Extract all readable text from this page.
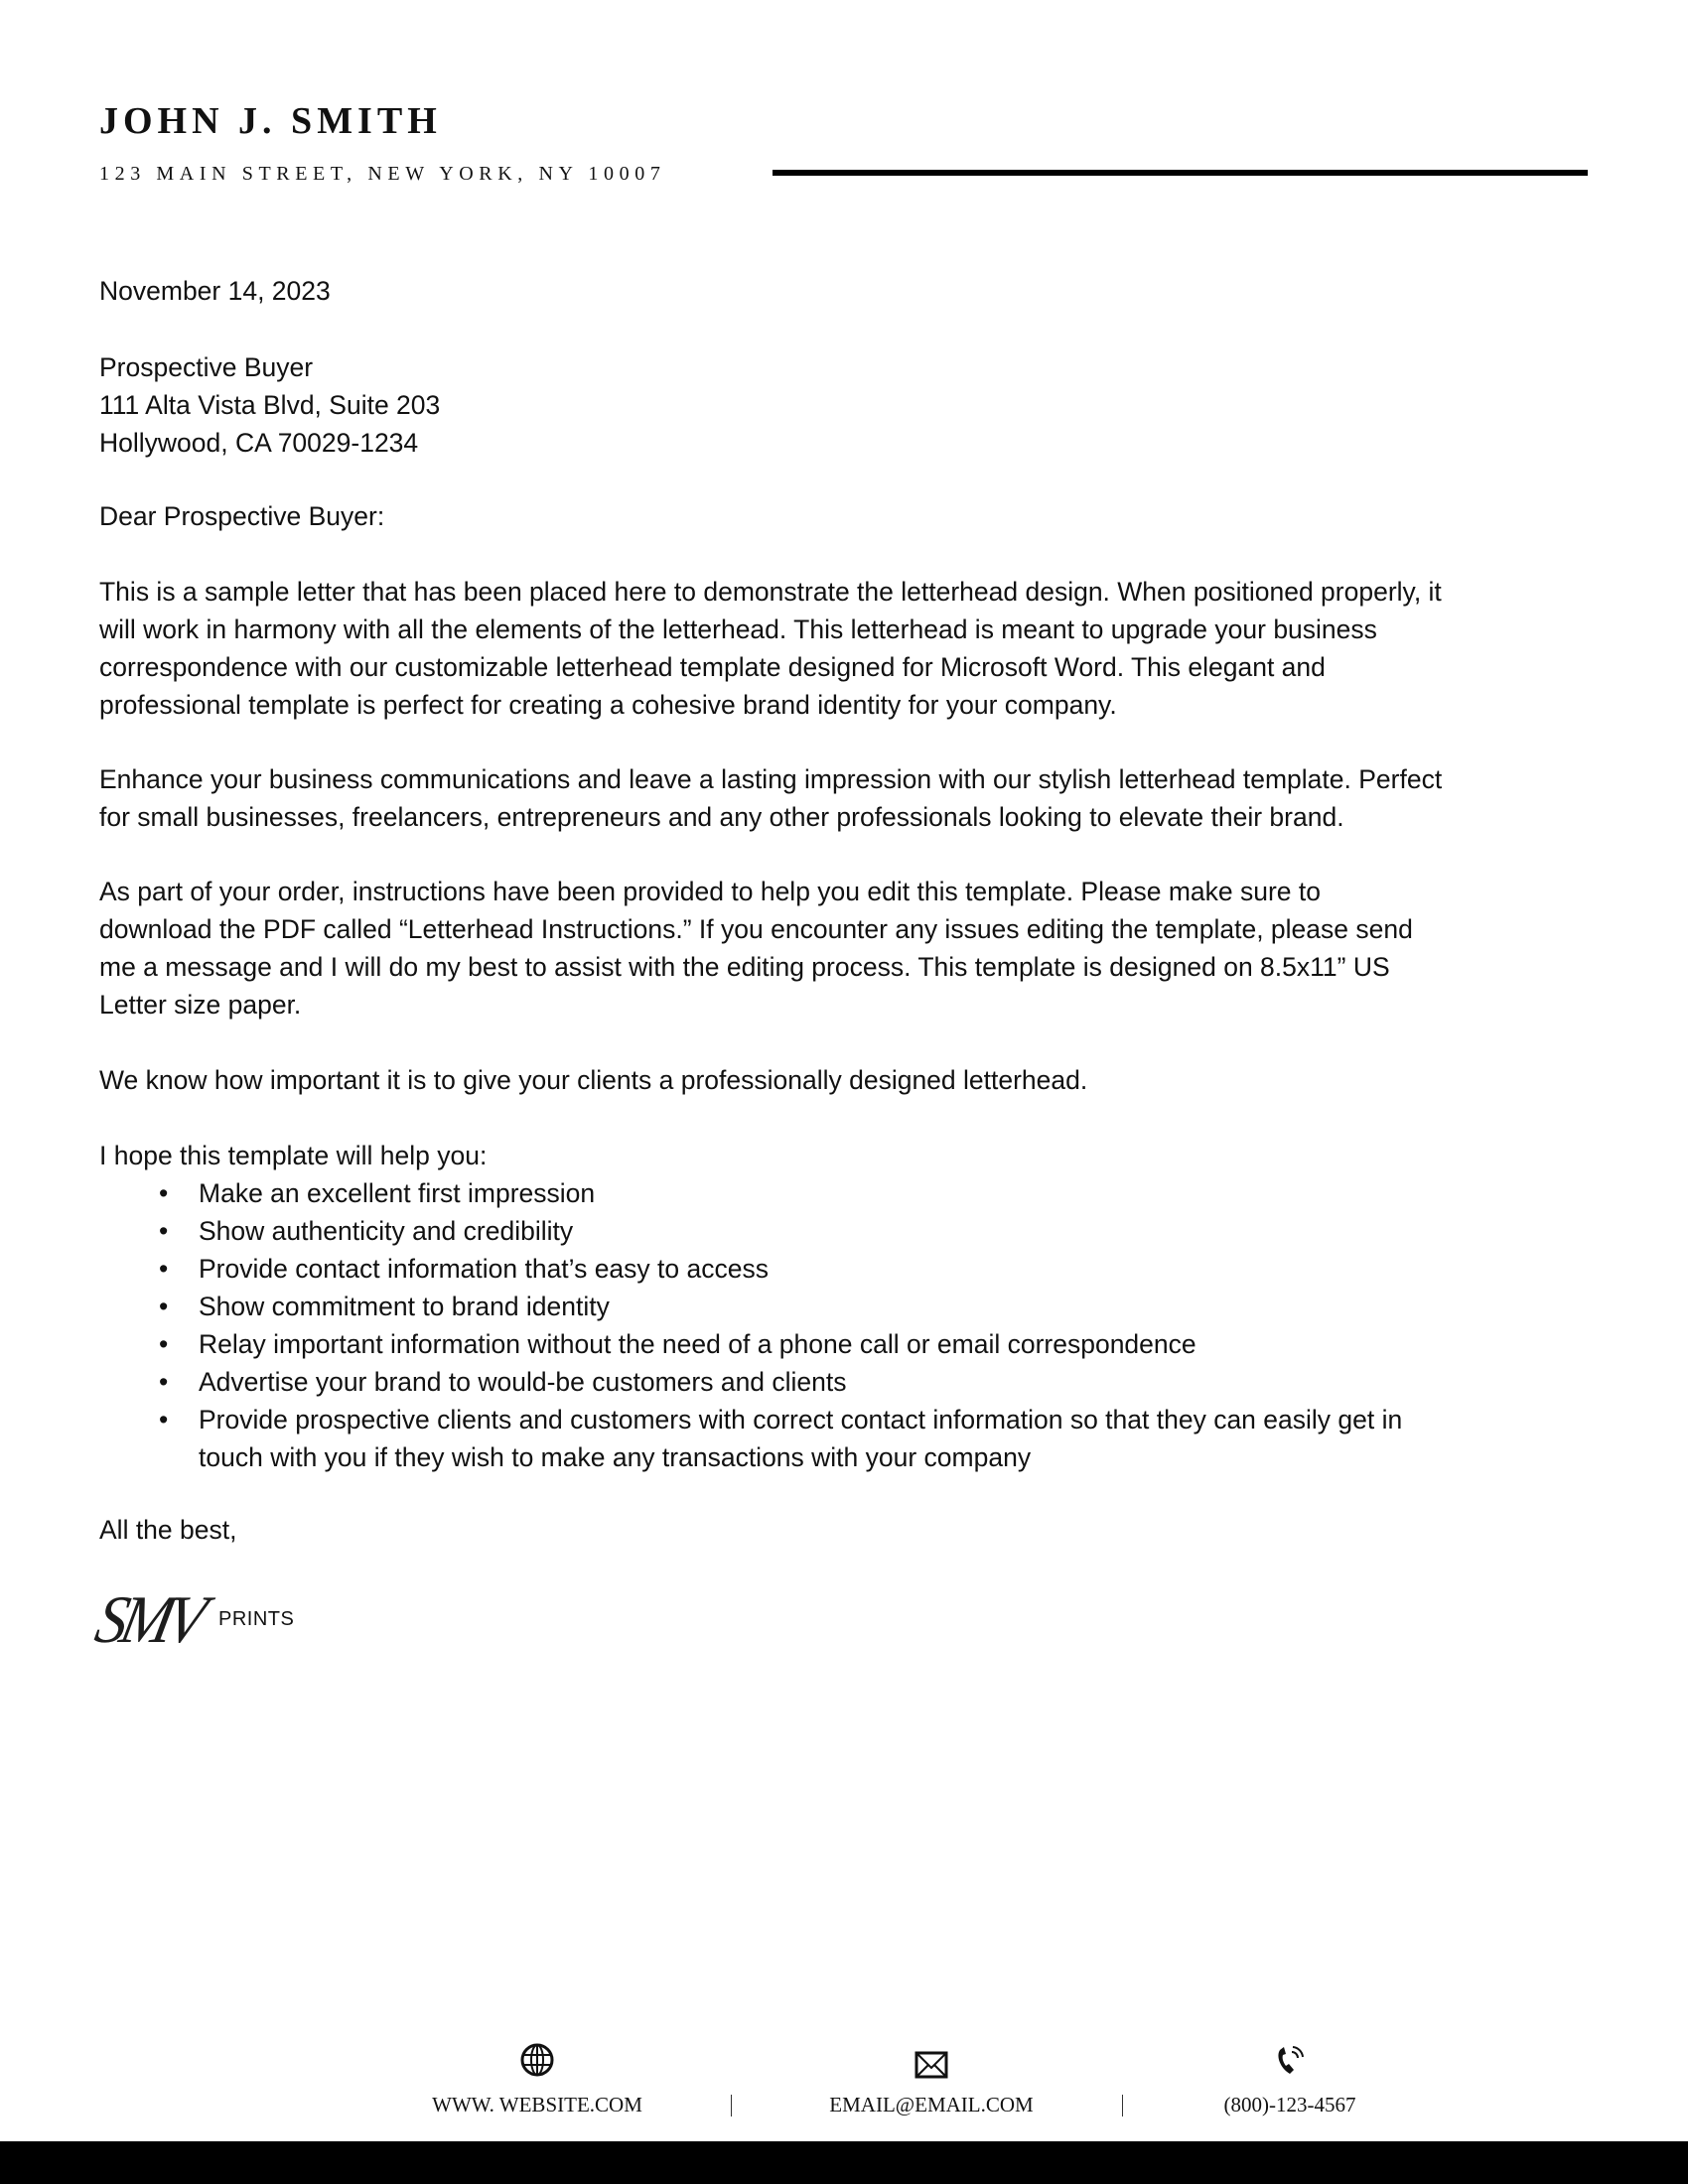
JOHN J. SMITH
123 MAIN STREET, NEW YORK, NY 10007
November 14, 2023
Prospective Buyer
111 Alta Vista Blvd, Suite 203
Hollywood, CA 70029-1234
Dear Prospective Buyer:
This is a sample letter that has been placed here to demonstrate the letterhead design. When positioned properly, it
will work in harmony with all the elements of the letterhead. This letterhead is meant to upgrade your business
correspondence with our customizable letterhead template designed for Microsoft Word. This elegant and
professional template is perfect for creating a cohesive brand identity for your company.
Enhance your business communications and leave a lasting impression with our stylish letterhead template. Perfect
for small businesses, freelancers, entrepreneurs and any other professionals looking to elevate their brand.
As part of your order, instructions have been provided to help you edit this template. Please make sure to
download the PDF called “Letterhead Instructions.” If you encounter any issues editing the template, please send
me a message and I will do my best to assist with the editing process. This template is designed on 8.5x11” US
Letter size paper.
We know how important it is to give your clients a professionally designed letterhead.
I hope this template will help you:
• Make an excellent first impression
• Show authenticity and credibility
• Provide contact information that’s easy to access
• Show commitment to brand identity
• Relay important information without the need of a phone call or email correspondence
• Advertise your brand to would-be customers and clients
• Provide prospective clients and customers with correct contact information so that they can easily get in
touch with you if they wish to make any transactions with your company
All the best,
SMV PRINTS
WWW. WEBSITE.COM	EMAIL@EMAIL.COM	(800)-123-4567
